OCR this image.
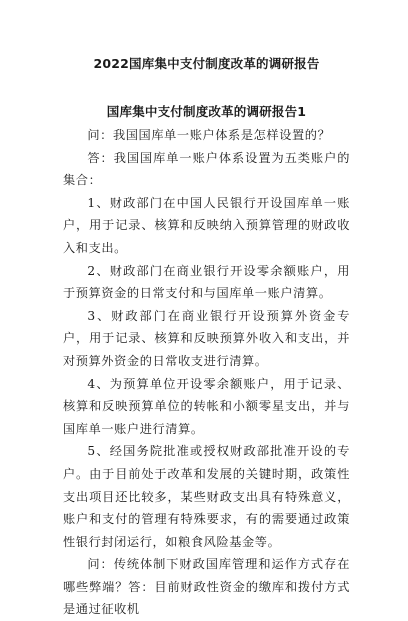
2022国库集中支付制度改革的调研报告
国库集中支付制度改革的调研报告1

问：我国国库单一账户体系是怎样设置的？

答：我国国库单一账户体系设置为五类账户的集合：

1、财政部门在中国人民银行开设国库单一账户，用于记录、核算和反映纳入预算管理的财政收入和支出。

2、财政部门在商业银行开设零余额账户，用于预算资金的日常支付和与国库单一账户清算。

3、财政部门在商业银行开设预算外资金专户，用于记录、核算和反映预算外收入和支出，并对预算外资金的日常收支进行清算。

4、为预算单位开设零余额账户，用于记录、核算和反映预算单位的转帐和小额零星支出，并与国库单一账户进行清算。

5、经国务院批准或授权财政部批准开设的专户。由于目前处于改革和发展的关键时期，政策性支出项目还比较多，某些财政支出具有特殊意义，账户和支付的管理有特殊要求，有的需要通过政策性银行封闭运行，如粮食风险基金等。

问：传统体制下财政国库管理和运作方式存在哪些弊端？答：目前财政性资金的缴库和拨付方式是通过征收机
